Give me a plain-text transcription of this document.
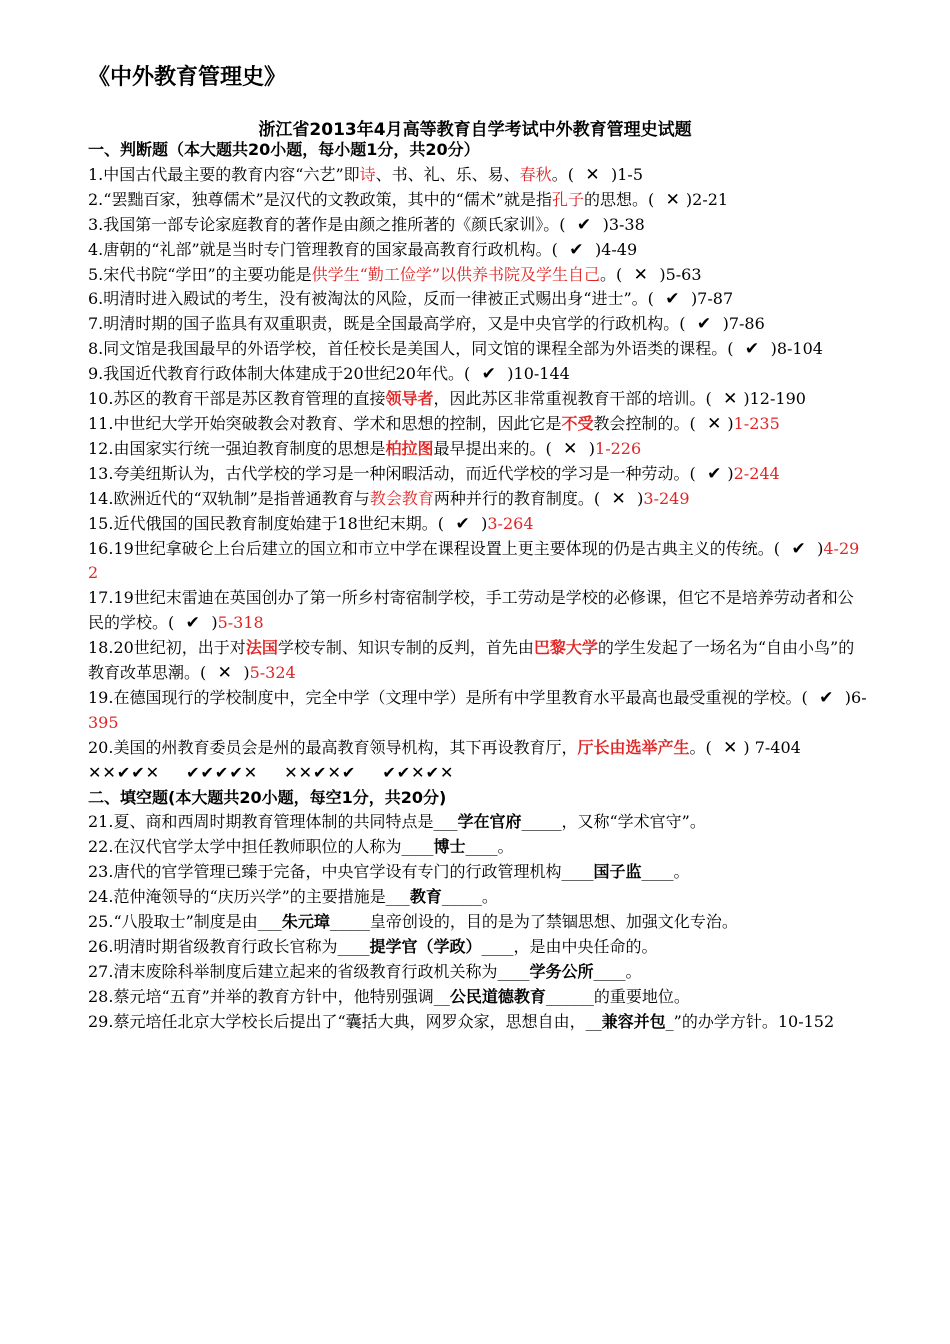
《中外教育管理史》
浙江省2013年4月高等教育自学考试中外教育管理史试题

一、判断题（本大题共20小题，每小题1分，共20分）

1.中国古代最主要的教育内容“六艺”即诗、书、礼、乐、易、春秋。( ✕ )1-5

2.“罢黜百家，独尊儒术”是汉代的文教政策，其中的“儒术”就是指孔子的思想。( ✕ )2-21

3.我国第一部专论家庭教育的著作是由颜之推所著的《颜氏家训》。( ✔ )3-38

4.唐朝的“礼部”就是当时专门管理教育的国家最高教育行政机构。( ✔ )4-49

5.宋代书院“学田”的主要功能是供学生“勤工俭学”以供养书院及学生自己。( ✕ )5-63

6.明清时进入殿试的考生，没有被淘汰的风险，反而一律被正式赐出身“进士”。( ✔ )7-87

7.明清时期的国子监具有双重职责，既是全国最高学府，又是中央官学的行政机构。( ✔ )7-86

8.同文馆是我国最早的外语学校，首任校长是美国人，同文馆的课程全部为外语类的课程。( ✔ )8-104

9.我国近代教育行政体制大体建成于20世纪20年代。( ✔ )10-144

10.苏区的教育干部是苏区教育管理的直接领导者，因此苏区非常重视教育干部的培训。( ✕ )12-190

11.中世纪大学开始突破教会对教育、学术和思想的控制，因此它是不受教会控制的。( ✕ )1-235

12.由国家实行统一强迫教育制度的思想是柏拉图最早提出来的。( ✕ )1-226

13.夸美纽斯认为，古代学校的学习是一种闲暇活动，而近代学校的学习是一种劳动。( ✔ )2-244

14.欧洲近代的“双轨制”是指普通教育与教会教育两种并行的教育制度。( ✕ )3-249

15.近代俄国的国民教育制度始建于18世纪末期。( ✔ )3-264

16.19世纪拿破仑上台后建立的国立和市立中学在课程设置上更主要体现的仍是古典主义的传统。( ✔ )4-292

17.19世纪末雷迪在英国创办了第一所乡村寄宿制学校，手工劳动是学校的必修课，但它不是培养劳动者和公民的学校。( ✔ )5-318

18.20世纪初，出于对法国学校专制、知识专制的反判，首先由巴黎大学的学生发起了一场名为“自由小鸟”的教育改革思潮。( ✕ )5-324

19.在德国现行的学校制度中，完全中学（文理中学）是所有中学里教育水平最高也最受重视的学校。( ✔ )6-395

20.美国的州教育委员会是州的最高教育领导机构，其下再设教育厅，厅长由选举产生。( ✕ ) 7-404

✕✕✔✔✕ ✔✔✔✔✕ ✕✕✔✕✔ ✔✔✕✔✕

二、填空题(本大题共20小题，每空1分，共20分)

21.夏、商和西周时期教育管理体制的共同特点是___学在官府_____，又称“学术官守”。

22.在汉代官学太学中担任教师职位的人称为____博士____。

23.唐代的官学管理已臻于完备，中央官学设有专门的行政管理机构____国子监____。

24.范仲淹领导的“庆历兴学”的主要措施是___教育_____。

25.“八股取士”制度是由___朱元璋_____皇帝创设的，目的是为了禁锢思想、加强文化专治。

26.明清时期省级教育行政长官称为____提学官（学政）____，是由中央任命的。

27.清末废除科举制度后建立起来的省级教育行政机关称为____学务公所____。

28.蔡元培“五育”并举的教育方针中，他特别强调__公民道德教育______的重要地位。

29.蔡元培任北京大学校长后提出了“囊括大典，网罗众家，思想自由，__兼容并包_”的办学方针。10-152
